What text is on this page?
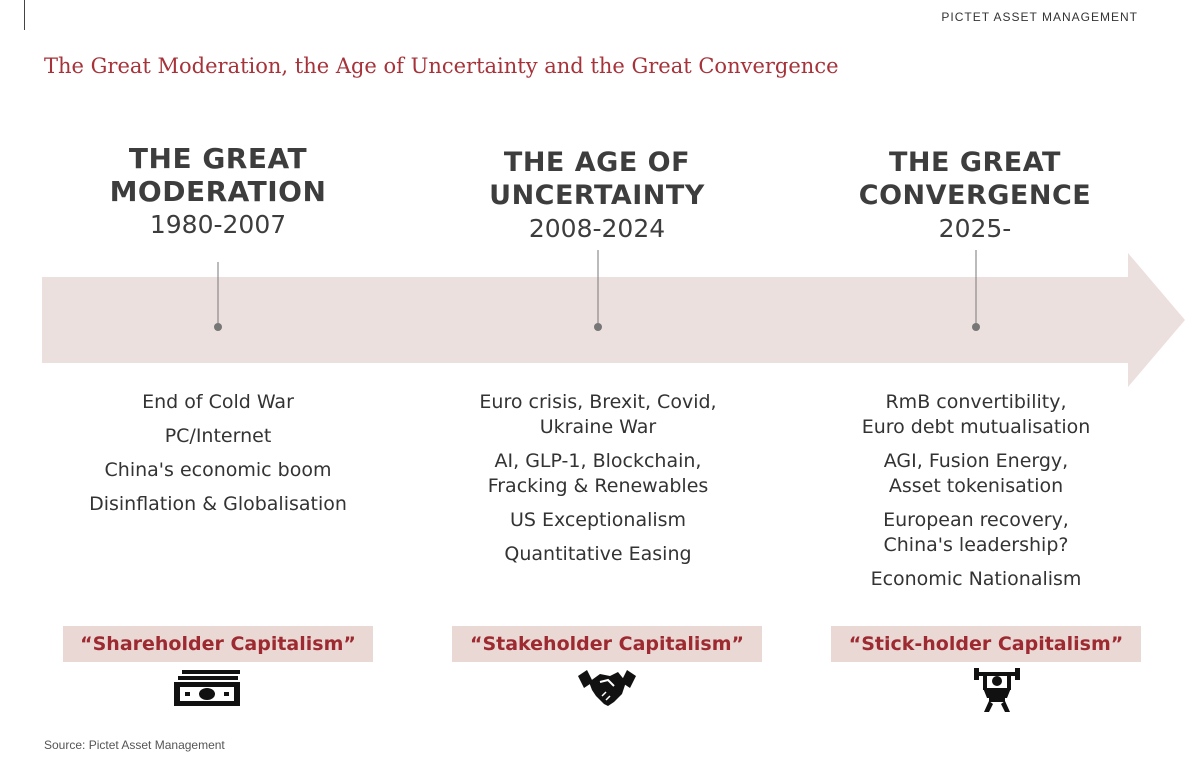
PICTET ASSET MANAGEMENT
The Great Moderation, the Age of Uncertainty and the Great Convergence
THE GREAT
MODERATION
1980-2007
THE AGE OF
UNCERTAINTY
2008-2024
THE GREAT
CONVERGENCE
2025-
End of Cold War
PC/Internet
China's economic boom
Disinflation & Globalisation
Euro crisis, Brexit, Covid,
Ukraine War
AI, GLP-1, Blockchain,
Fracking & Renewables
US Exceptionalism
Quantitative Easing
RmB convertibility,
Euro debt mutualisation
AGI, Fusion Energy,
Asset tokenisation
European recovery,
China's leadership?
Economic Nationalism
“Shareholder Capitalism”	“Stakeholder Capitalism”	“Stick-holder Capitalism”
Source: Pictet Asset Management
